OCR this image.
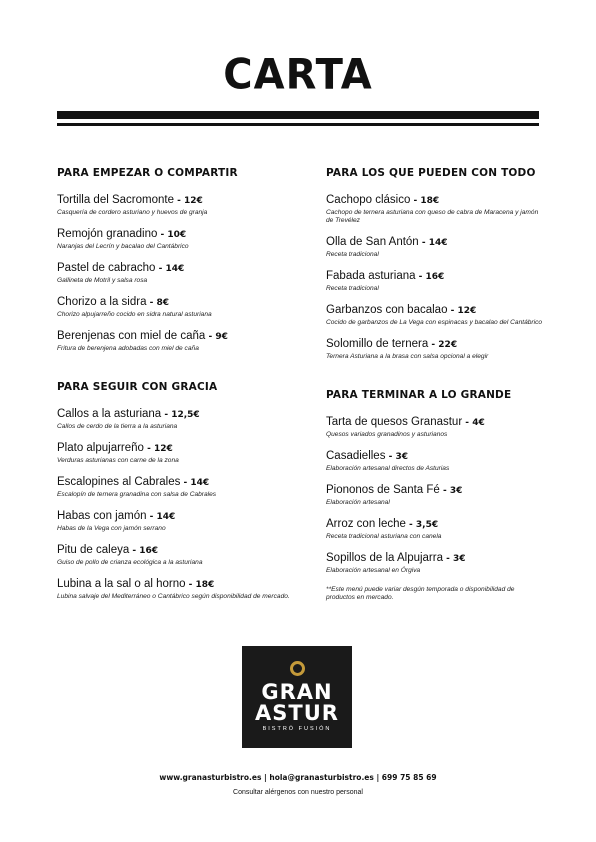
CARTA
PARA EMPEZAR O COMPARTIR
Tortilla del Sacromonte - 12€
Casquería de cordero asturiano y huevos de granja
Remojón granadino - 10€
Naranjas del Lecrín y bacalao del Cantábrico
Pastel de cabracho - 14€
Gallineta de Motril y salsa rosa
Chorizo a la sidra - 8€
Chorizo alpujarreño cocido en sidra natural asturiana
Berenjenas con miel de caña - 9€
Fritura de berenjena adobadas con miel de caña
PARA SEGUIR CON GRACIA
Callos a la asturiana - 12,5€
Callos de cerdo de la tierra a la asturiana
Plato alpujarreño - 12€
Verduras asturianas con carne de la zona
Escalopines al Cabrales - 14€
Escalopín de ternera granadina con salsa de Cabrales
Habas con jamón - 14€
Habas de la Vega con jamón serrano
Pitu de caleya - 16€
Guiso de pollo de crianza ecológica a la asturiana
Lubina a la sal o al horno - 18€
Lubina salvaje del Mediterráneo o Cantábrico según disponibilidad de mercado.
PARA LOS QUE PUEDEN CON TODO
Cachopo clásico - 18€
Cachopo de ternera asturiana con queso de cabra de Maracena y jamón de Trevélez
Olla de San Antón - 14€
Receta tradicional
Fabada asturiana - 16€
Receta tradicional
Garbanzos con bacalao - 12€
Cocido de garbanzos de La Vega con espinacas y bacalao del Cantábrico
Solomillo de ternera - 22€
Ternera Asturiana a la brasa con salsa opcional a elegir
PARA TERMINAR A LO GRANDE
Tarta de quesos Granastur - 4€
Quesos variados granadinos y asturianos
Casadielles - 3€
Elaboración artesanal directos de Asturias
Piononos de Santa Fé - 3€
Elaboración artesanal
Arroz con leche - 3,5€
Receta tradicional asturiana con canela
Sopillos de la Alpujarra - 3€
Elaboración artesanal en Órgiva
**Este menú puede variar desgún temporada o disponibilidad de productos en mercado.
GRAN
ASTUR
BISTRÓ FUSIÓN
www.granasturbistro.es | hola@granasturbistro.es | 699 75 85 69
Consultar alérgenos con nuestro personal
